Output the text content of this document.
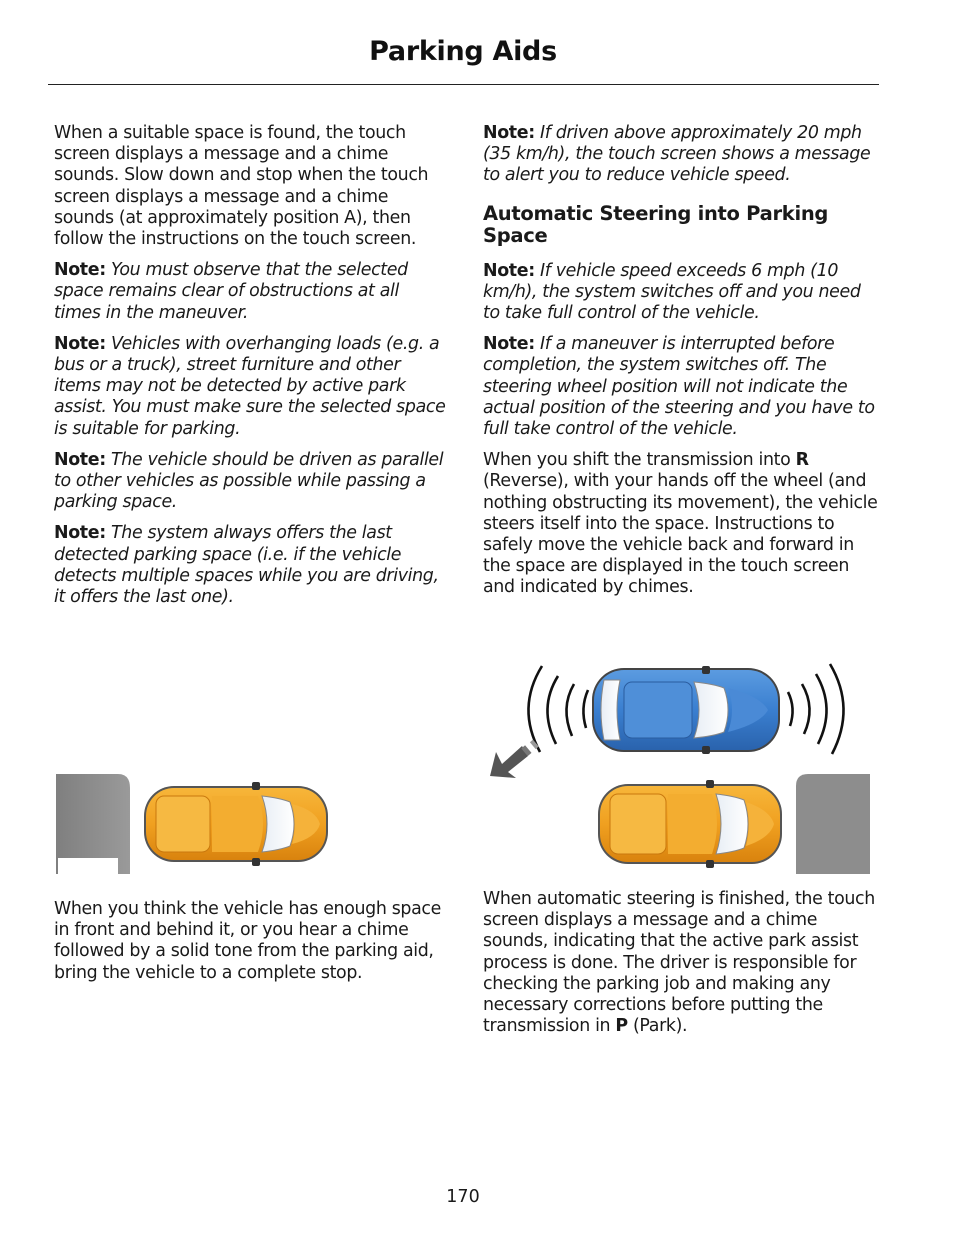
Parking Aids

When a suitable space is found, the touch screen displays a message and a chime sounds. Slow down and stop when the touch screen displays a message and a chime sounds (at approximately position A), then follow the instructions on the touch screen.

Note: You must observe that the selected space remains clear of obstructions at all times in the maneuver.

Note: Vehicles with overhanging loads (e.g. a bus or a truck), street furniture and other items may not be detected by active park assist. You must make sure the selected space is suitable for parking.

Note: The vehicle should be driven as parallel to other vehicles as possible while passing a parking space.

Note: The system always offers the last detected parking space (i.e. if the vehicle detects multiple spaces while you are driving, it offers the last one).

When you think the vehicle has enough space in front and behind it, or you hear a chime followed by a solid tone from the parking aid, bring the vehicle to a complete stop.

Note: If driven above approximately 20 mph (35 km/h), the touch screen shows a message to alert you to reduce vehicle speed.

Automatic Steering into Parking Space

Note: If vehicle speed exceeds 6 mph (10 km/h), the system switches off and you need to take full control of the vehicle.

Note: If a maneuver is interrupted before completion, the system switches off. The steering wheel position will not indicate the actual position of the steering and you have to full take control of the vehicle.

When you shift the transmission into R (Reverse), with your hands off the wheel (and nothing obstructing its movement), the vehicle steers itself into the space. Instructions to safely move the vehicle back and forward in the space are displayed in the touch screen and indicated by chimes.

When automatic steering is finished, the touch screen displays a message and a chime sounds, indicating that the active park assist process is done. The driver is responsible for checking the parking job and making any necessary corrections before putting the transmission in P (Park).

170
